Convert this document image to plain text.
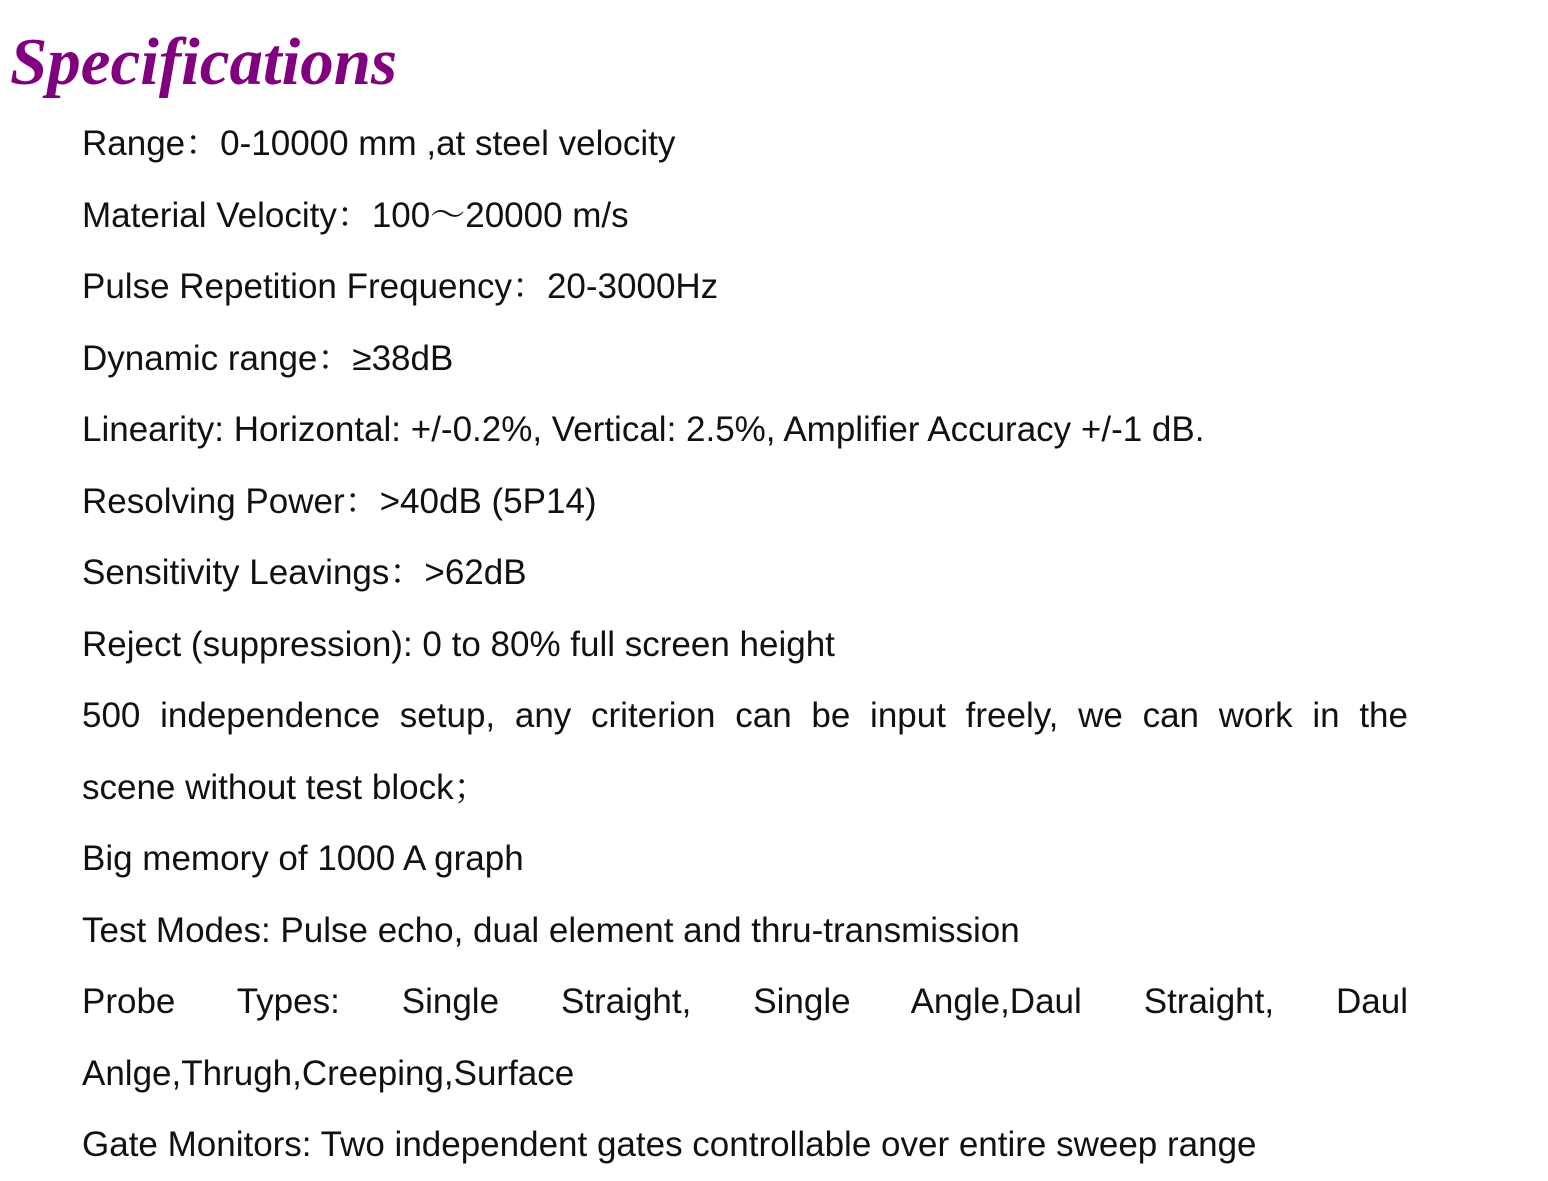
Specifications
Range：0-10000 mm ,at steel velocity
Material Velocity：100～20000 m/s
Pulse Repetition Frequency：20-3000Hz
Dynamic range：≥38dB
Linearity: Horizontal: +/-0.2%, Vertical: 2.5%, Amplifier Accuracy +/-1 dB.
Resolving Power：>40dB (5P14)
Sensitivity Leavings：>62dB
Reject (suppression): 0 to 80% full screen height
500 independence setup, any criterion can be input freely, we can work in the
scene without test block；
Big memory of 1000 A graph
Test Modes: Pulse echo, dual element and thru-transmission
Probe Types: Single Straight, Single Angle,Daul Straight, Daul
Anlge,Thrugh,Creeping,Surface
Gate Monitors: Two independent gates controllable over entire sweep range
